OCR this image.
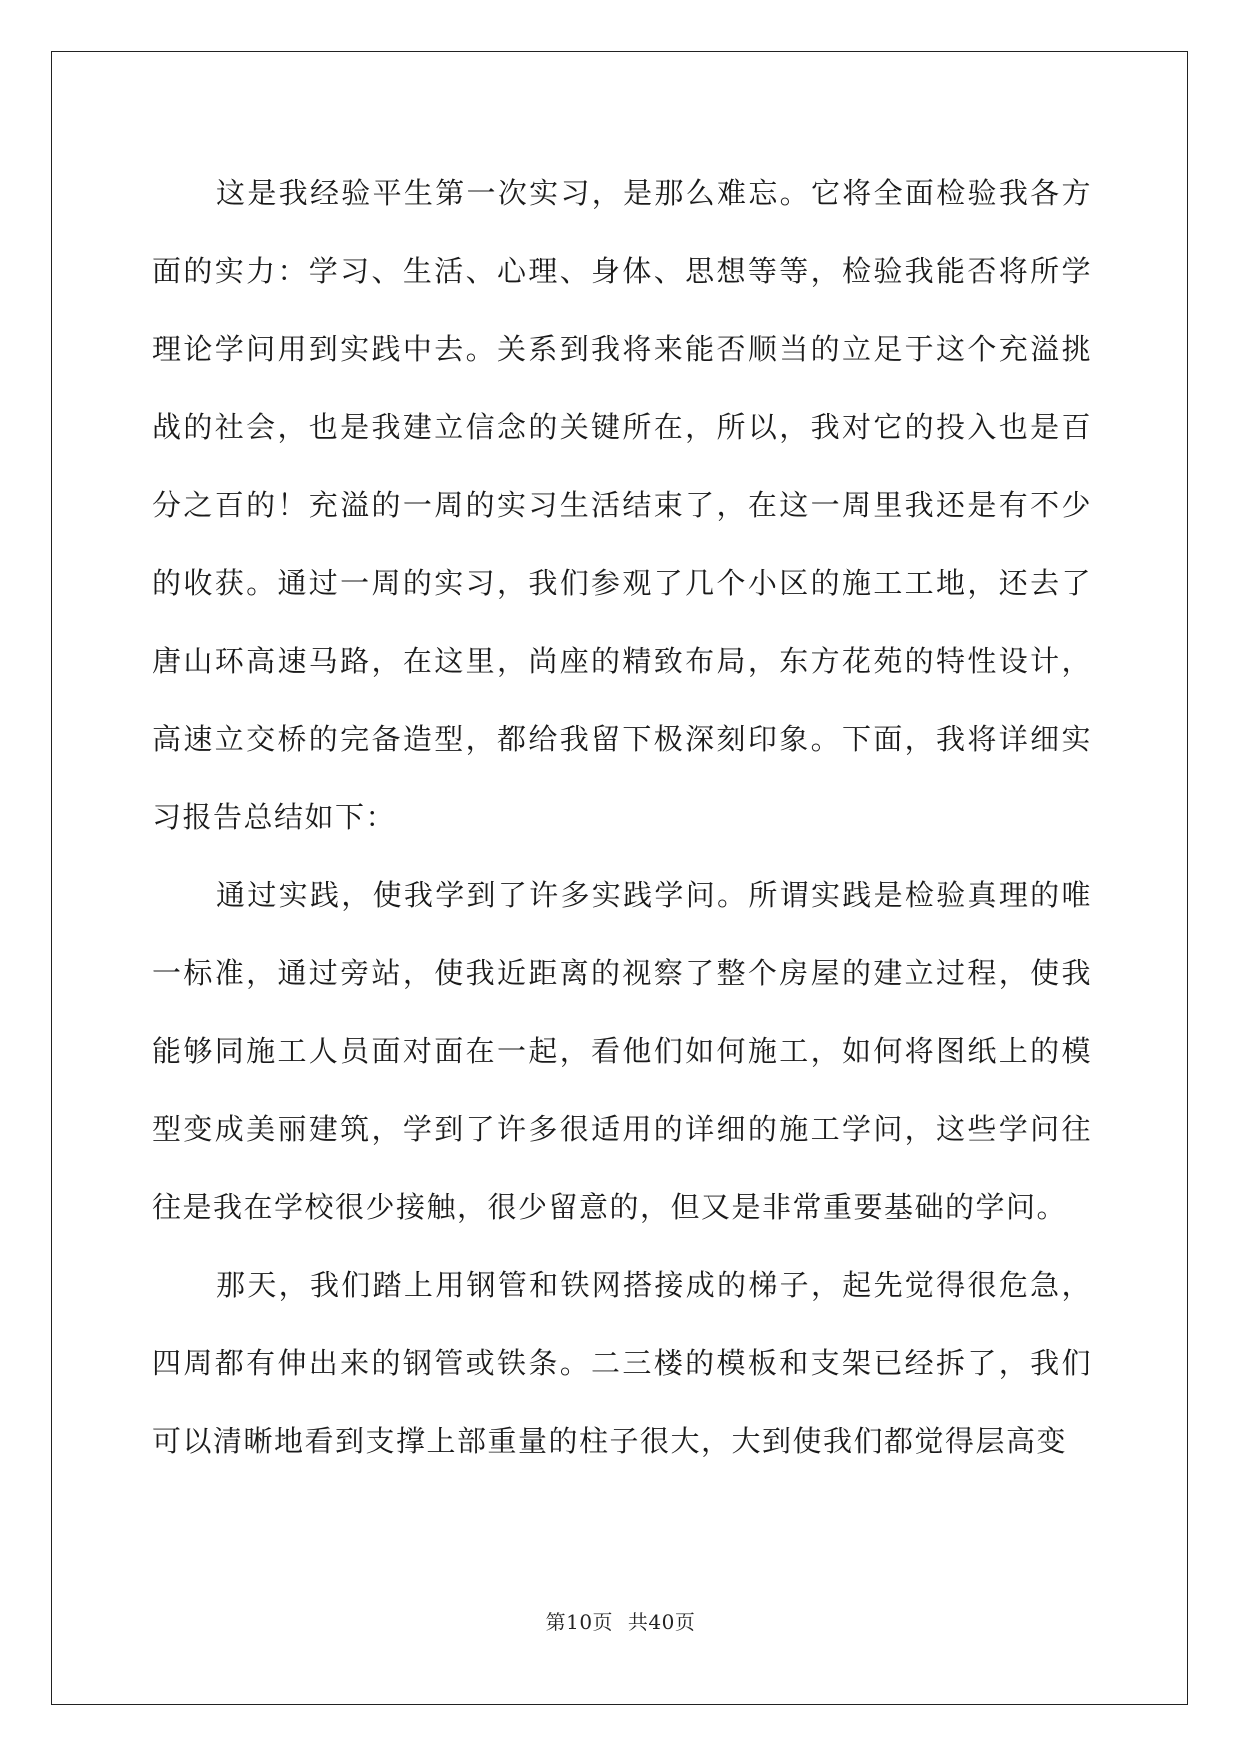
这是我经验平生第一次实习，是那么难忘。它将全面检验我各方面的实力：学习、生活、心理、身体、思想等等，检验我能否将所学理论学问用到实践中去。关系到我将来能否顺当的立足于这个充溢挑战的社会，也是我建立信念的关键所在，所以，我对它的投入也是百分之百的！充溢的一周的实习生活结束了，在这一周里我还是有不少的收获。通过一周的实习，我们参观了几个小区的施工工地，还去了唐山环高速马路，在这里，尚座的精致布局，东方花苑的特性设计，高速立交桥的完备造型，都给我留下极深刻印象。下面，我将详细实习报告总结如下：

通过实践，使我学到了许多实践学问。所谓实践是检验真理的唯一标准，通过旁站，使我近距离的视察了整个房屋的建立过程，使我能够同施工人员面对面在一起，看他们如何施工，如何将图纸上的模型变成美丽建筑，学到了许多很适用的详细的施工学问，这些学问往往是我在学校很少接触，很少留意的，但又是非常重要基础的学问。

那天，我们踏上用钢管和铁网搭接成的梯子，起先觉得很危急，四周都有伸出来的钢管或铁条。二三楼的模板和支架已经拆了，我们可以清晰地看到支撑上部重量的柱子很大，大到使我们都觉得层高变

第10页 共40页
